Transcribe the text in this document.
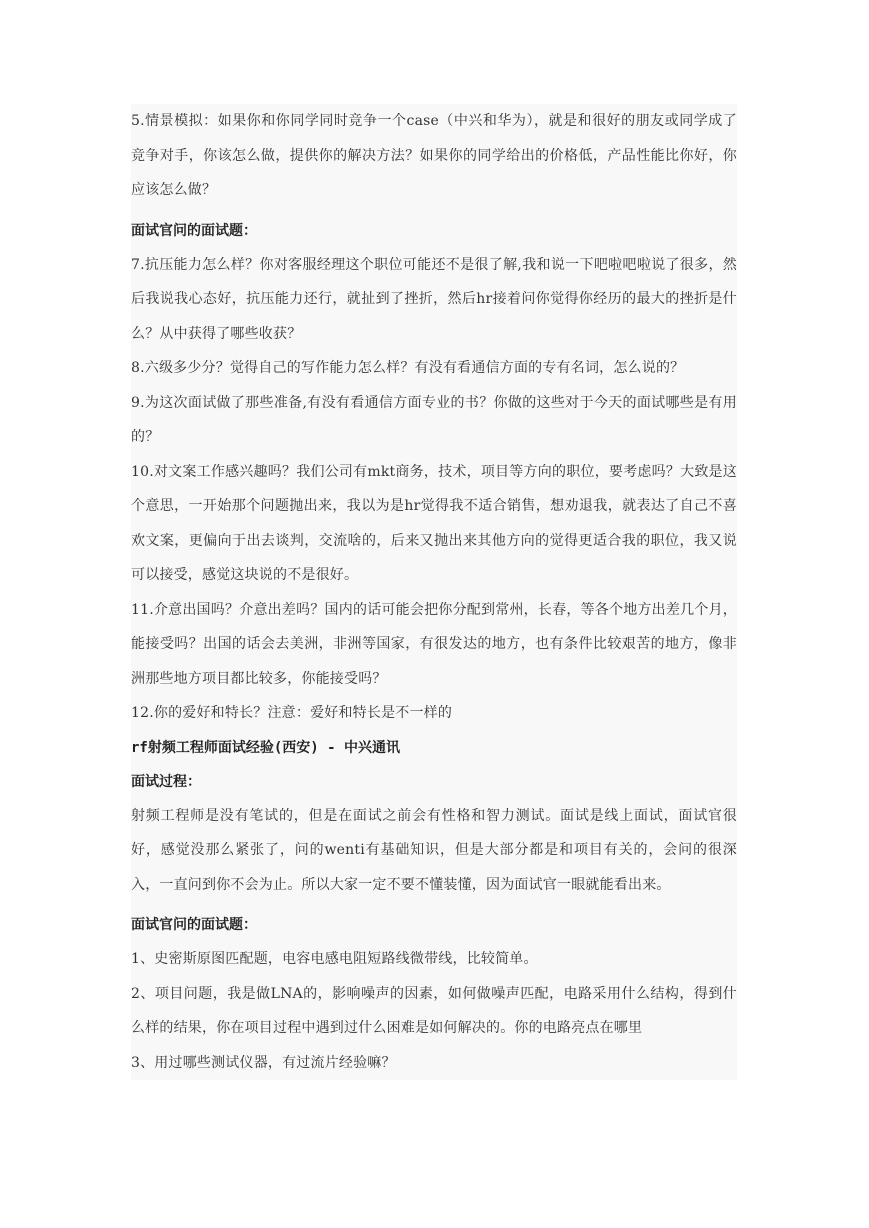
5.情景模拟：如果你和你同学同时竞争一个case（中兴和华为），就是和很好的朋友或同学成了竞争对手，你该怎么做，提供你的解决方法？如果你的同学给出的价格低，产品性能比你好，你应该怎么做？

面试官问的面试题：

7.抗压能力怎么样？你对客服经理这个职位可能还不是很了解,我和说一下吧啦吧啦说了很多，然后我说我心态好，抗压能力还行，就扯到了挫折，然后hr接着问你觉得你经历的最大的挫折是什么？从中获得了哪些收获？

8.六级多少分？觉得自己的写作能力怎么样？有没有看通信方面的专有名词，怎么说的？

9.为这次面试做了那些准备,有没有看通信方面专业的书？你做的这些对于今天的面试哪些是有用的？

10.对文案工作感兴趣吗？我们公司有mkt商务，技术，项目等方向的职位，要考虑吗？大致是这个意思，一开始那个问题抛出来，我以为是hr觉得我不适合销售，想劝退我，就表达了自己不喜欢文案，更偏向于出去谈判，交流啥的，后来又抛出来其他方向的觉得更适合我的职位，我又说可以接受，感觉这块说的不是很好。

11.介意出国吗？介意出差吗？国内的话可能会把你分配到常州，长春，等各个地方出差几个月，能接受吗？出国的话会去美洲，非洲等国家，有很发达的地方，也有条件比较艰苦的地方，像非洲那些地方项目都比较多，你能接受吗？

12.你的爱好和特长？注意：爱好和特长是不一样的

rf射频工程师面试经验(西安) - 中兴通讯

面试过程：

射频工程师是没有笔试的，但是在面试之前会有性格和智力测试。面试是线上面试，面试官很好，感觉没那么紧张了，问的wenti有基础知识，但是大部分都是和项目有关的，会问的很深入，一直问到你不会为止。所以大家一定不要不懂装懂，因为面试官一眼就能看出来。

面试官问的面试题：

1、史密斯原图匹配题，电容电感电阻短路线微带线，比较简单。

2、项目问题，我是做LNA的，影响噪声的因素，如何做噪声匹配，电路采用什么结构，得到什么样的结果，你在项目过程中遇到过什么困难是如何解决的。你的电路亮点在哪里

3、用过哪些测试仪器，有过流片经验嘛？
